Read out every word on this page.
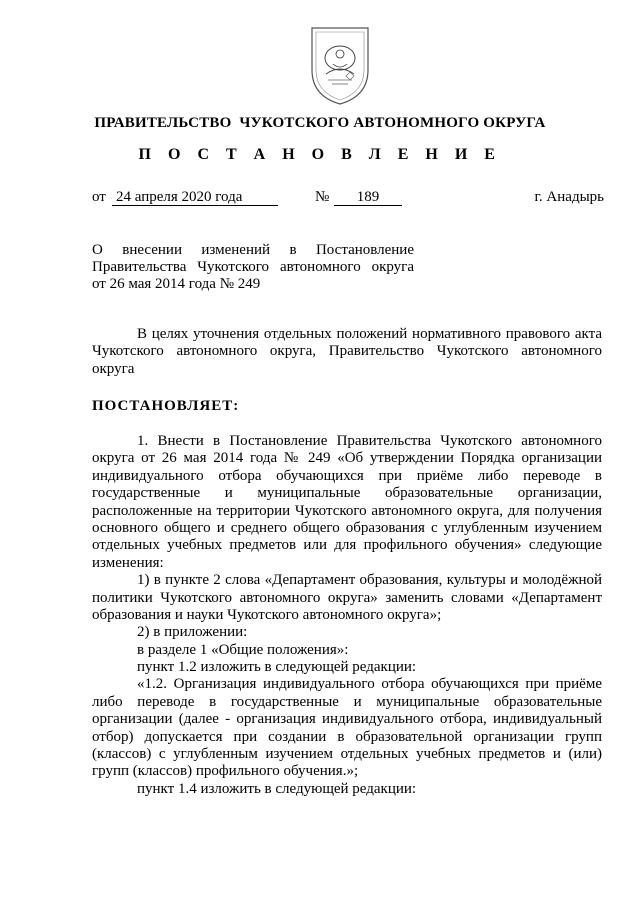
ПРАВИТЕЛЬСТВО  ЧУКОТСКОГО АВТОНОМНОГО ОКРУГА
П О С Т А Н О В Л Е Н И Е
от 24 апреля 2020 года	№	189	г. Анадырь
О внесении изменений в Постановление
Правительства Чукотского автономного округа
от 26 мая 2014 года № 249
В целях уточнения отдельных положений нормативного правового акта
Чукотского автономного округа, Правительство Чукотского автономного
округа
ПОСТАНОВЛЯЕТ:
1. Внести в Постановление Правительства Чукотского автономного
округа от 26 мая 2014 года № 249 «Об утверждении Порядка организации
индивидуального отбора обучающихся при приёме либо переводе в
государственные и муниципальные образовательные организации,
расположенные на территории Чукотского автономного округа, для получения
основного общего и среднего общего образования с углубленным изучением
отдельных учебных предметов или для профильного обучения» следующие
изменения:
1) в пункте 2 слова «Департамент образования, культуры и молодёжной
политики Чукотского автономного округа» заменить словами «Департамент
образования и науки Чукотского автономного округа»;
2) в приложении:
в разделе 1 «Общие положения»:
пункт 1.2 изложить в следующей редакции:
«1.2. Организация индивидуального отбора обучающихся при приёме
либо переводе в государственные и муниципальные образовательные
организации (далее - организация индивидуального отбора, индивидуальный
отбор) допускается при создании в образовательной организации групп
(классов) с углубленным изучением отдельных учебных предметов и (или)
групп (классов) профильного обучения.»;
пункт 1.4 изложить в следующей редакции:
